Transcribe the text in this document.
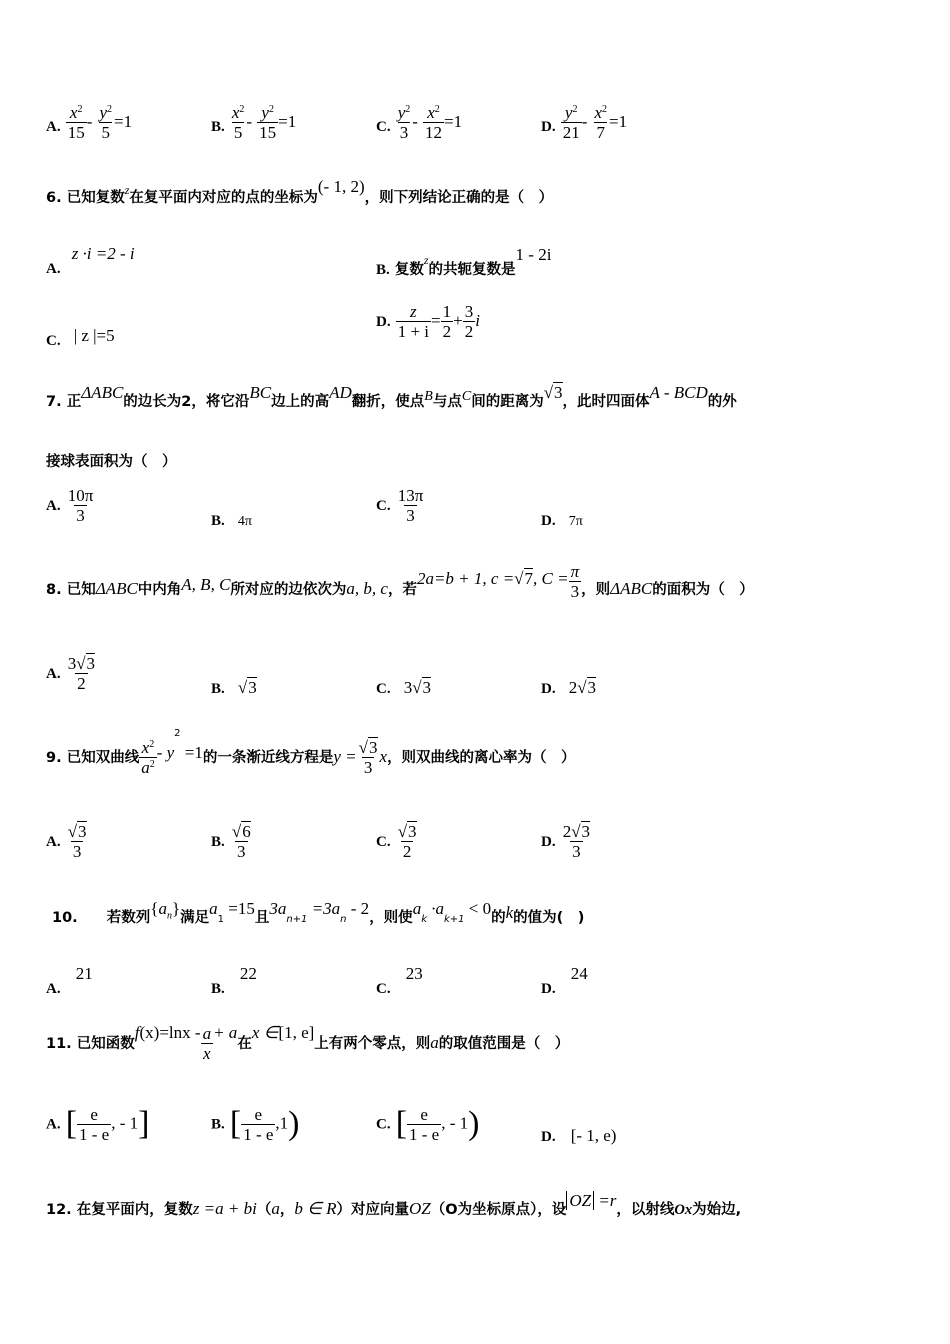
A. $\frac{x^2}{15} - \frac{y^2}{5} =1$	B. $\frac{x^2}{5} - \frac{y^2}{15} =1$	C. $\frac{y^2}{3} - \frac{x^2}{12} =1$	D. $\frac{y^2}{21} - \frac{x^2}{7} =1$
6. 已知复数$^z$在复平面内对应的点的坐标为(- 1, 2)，则下列结论正确的是（　）
A. z ·i =2 - i
B. 复数$_z$的共轭复数是1 - 2i
C. | z |=5
D. $\frac{z}{1 + i} = \frac{1}{2} + \frac{3}{2}$ i
7. 正ΔABC的边长为2，将它沿BC边上的高AD翻折，使点B与点C间的距离为√3，此时四面体A - BCD的外
接球表面积为（　）
A. $\frac{10\pi}{3}$	B. 4π
C. $\frac{13\pi}{3}$	D. 7π
8. 已知ΔABC中内角A, B, C所对应的边依次为a, b, c，若2a=b + 1, c =√7, $C = \frac{\pi}{3}$ ，则ΔABC的面积为（　）
A. $\frac{3√3}{2}$	B. √3	C. 3√3	D. 2√3
9. 已知双曲线 $\frac{x^2}{a^2} - y^2 =1$的一条渐近线方程是$y = \frac{√3}{3}$ x，则双曲线的离心率为（　）
A. $\frac{√3}{3}$	B. $\frac{√6}{3}$	C. $\frac{√3}{2}$	D. $\frac{2√3}{3}$
10. 若数列$\{a_n\}$满足$a_1 =15$且$3a_{n+1} =3a_n - 2$，则使$a_k \cdot a_{k+1} < 0$的k的值为(　)
A. 21
B. 22
C. 23
D. 24
11. 已知函数$f(x)=\ln x - \frac{a}{x} + a$在x ∈[1, e]上有两个零点，则a的取值范围是（　）
A. [ $\frac{e}{1 - e}$ , - 1]	B. [ $\frac{e}{1 - e} ,1$)	C. [ $\frac{e}{1 - e}$ , - 1)	D. [- 1, e)
12. 在复平面内，复数z =a + bi（a，b ∈ R）对应向量OZ（O为坐标原点），设 OZ =r，以射线Ox为始边,
